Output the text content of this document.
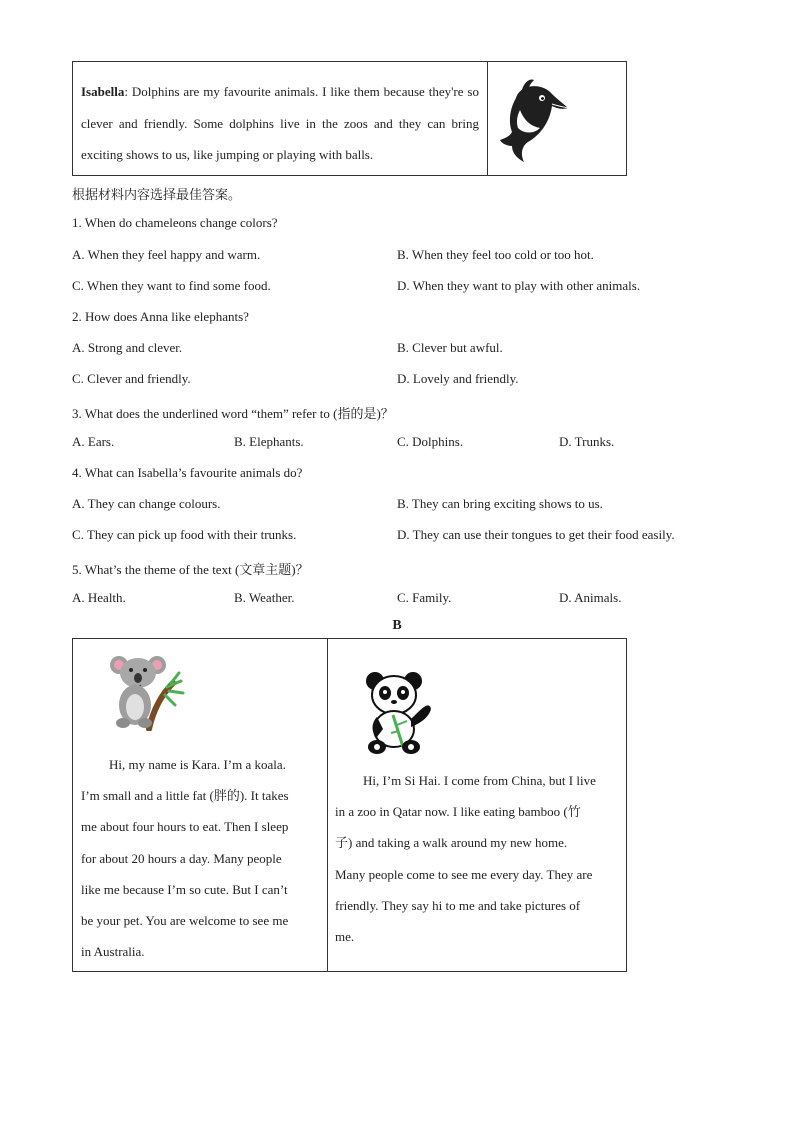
Isabella: Dolphins are my favourite animals. I like them because they're so clever and friendly. Some dolphins live in the zoos and they can bring exciting shows to us, like jumping or playing with balls.
根据材料内容选择最佳答案。
1. When do chameleons change colors?
A. When they feel happy and warm.	B. When they feel too cold or too hot.
C. When they want to find some food.	D. When they want to play with other animals.
2. How does Anna like elephants?
A. Strong and clever.	B. Clever but awful.
C. Clever and friendly.	D. Lovely and friendly.
3. What does the underlined word “them” refer to (指的是)？
A. Ears.	B. Elephants.	C. Dolphins.	D. Trunks.
4. What can Isabella’s favourite animals do?
A. They can change colours.	B. They can bring exciting shows to us.
C. They can pick up food with their trunks.	D. They can use their tongues to get their food easily.
5. What’s the theme of the text (文章主题)？
A. Health.	B. Weather.	C. Family.	D. Animals.
B
Hi, my name is Kara. I’m a koala.
I’m small and a little fat (胖的). It takes
me about four hours to eat. Then I sleep
for about 20 hours a day. Many people
like me because I’m so cute. But I can’t
be your pet. You are welcome to see me
in Australia.
Hi, I’m Si Hai. I come from China, but I live
in a zoo in Qatar now. I like eating bamboo (竹
子) and taking a walk around my new home.
Many people come to see me every day. They are
friendly. They say hi to me and take pictures of
me.
